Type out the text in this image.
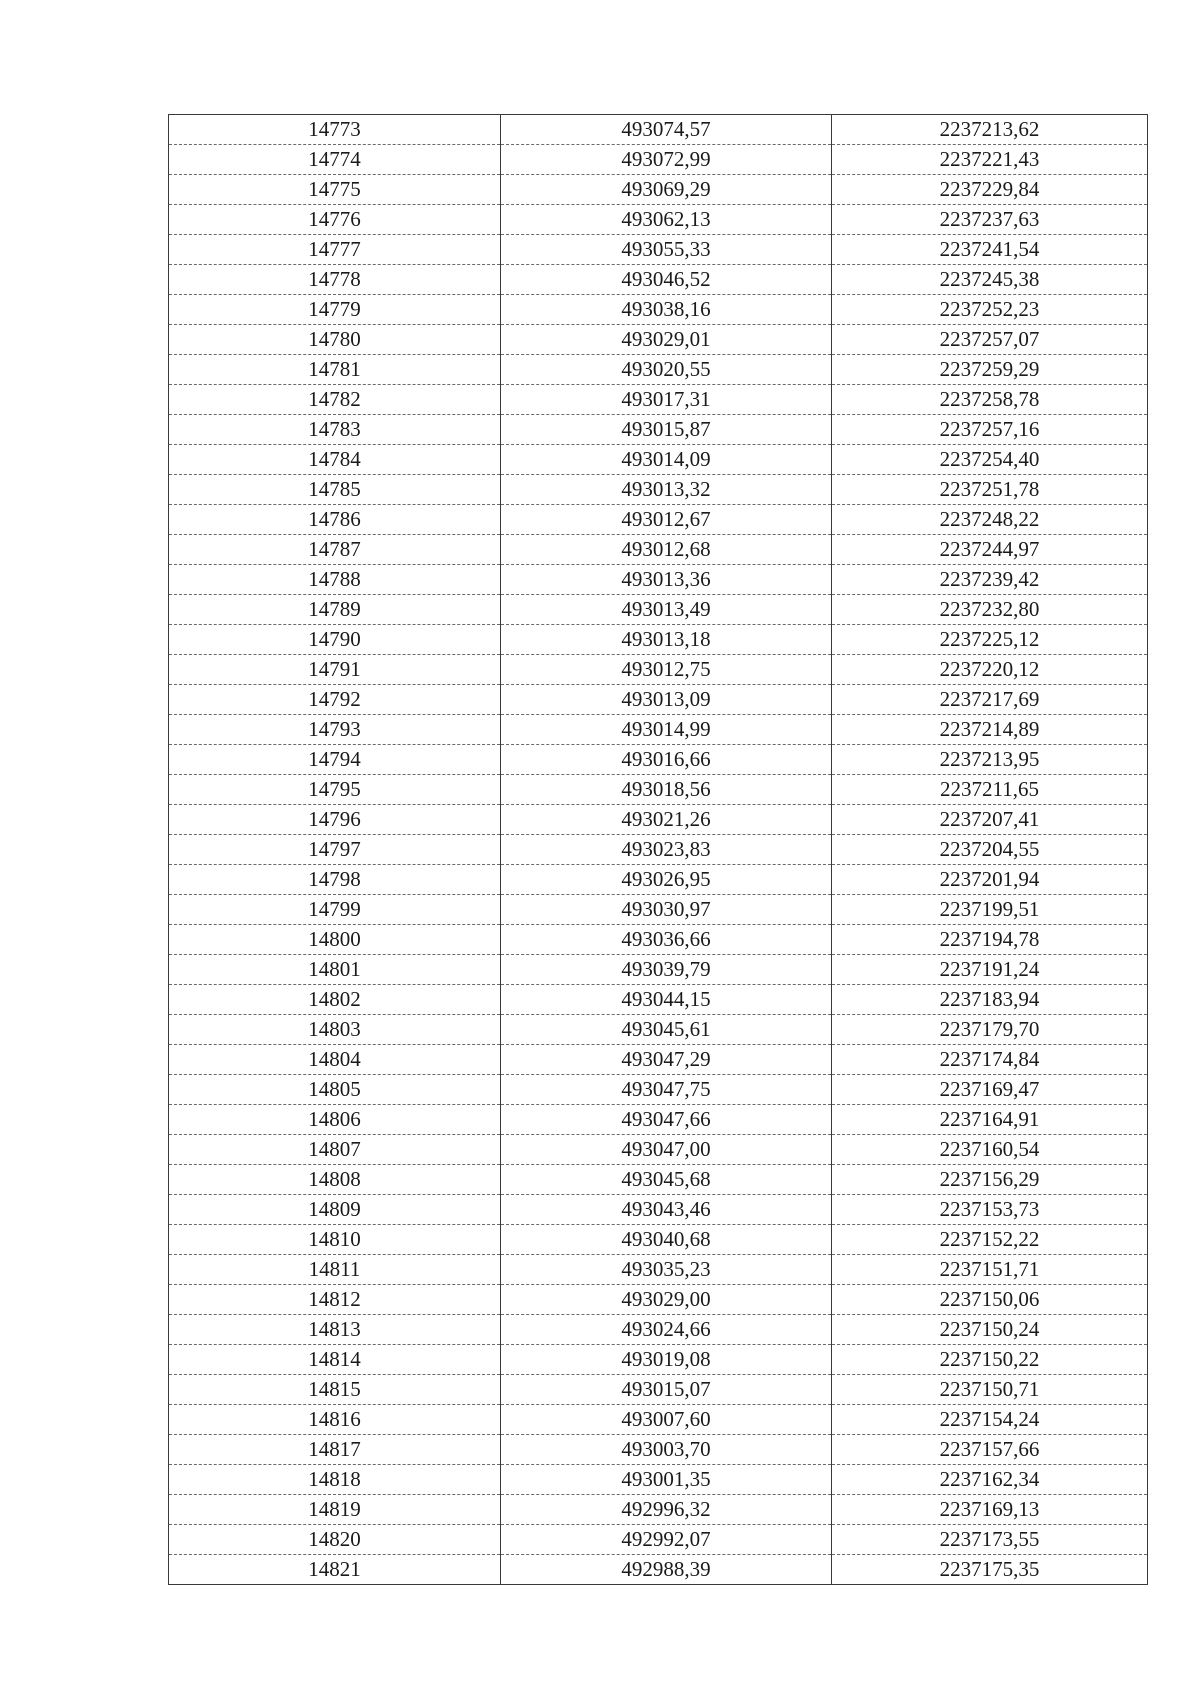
14773	493074,57	2237213,62
14774	493072,99	2237221,43
14775	493069,29	2237229,84
14776	493062,13	2237237,63
14777	493055,33	2237241,54
14778	493046,52	2237245,38
14779	493038,16	2237252,23
14780	493029,01	2237257,07
14781	493020,55	2237259,29
14782	493017,31	2237258,78
14783	493015,87	2237257,16
14784	493014,09	2237254,40
14785	493013,32	2237251,78
14786	493012,67	2237248,22
14787	493012,68	2237244,97
14788	493013,36	2237239,42
14789	493013,49	2237232,80
14790	493013,18	2237225,12
14791	493012,75	2237220,12
14792	493013,09	2237217,69
14793	493014,99	2237214,89
14794	493016,66	2237213,95
14795	493018,56	2237211,65
14796	493021,26	2237207,41
14797	493023,83	2237204,55
14798	493026,95	2237201,94
14799	493030,97	2237199,51
14800	493036,66	2237194,78
14801	493039,79	2237191,24
14802	493044,15	2237183,94
14803	493045,61	2237179,70
14804	493047,29	2237174,84
14805	493047,75	2237169,47
14806	493047,66	2237164,91
14807	493047,00	2237160,54
14808	493045,68	2237156,29
14809	493043,46	2237153,73
14810	493040,68	2237152,22
14811	493035,23	2237151,71
14812	493029,00	2237150,06
14813	493024,66	2237150,24
14814	493019,08	2237150,22
14815	493015,07	2237150,71
14816	493007,60	2237154,24
14817	493003,70	2237157,66
14818	493001,35	2237162,34
14819	492996,32	2237169,13
14820	492992,07	2237173,55
14821	492988,39	2237175,35
